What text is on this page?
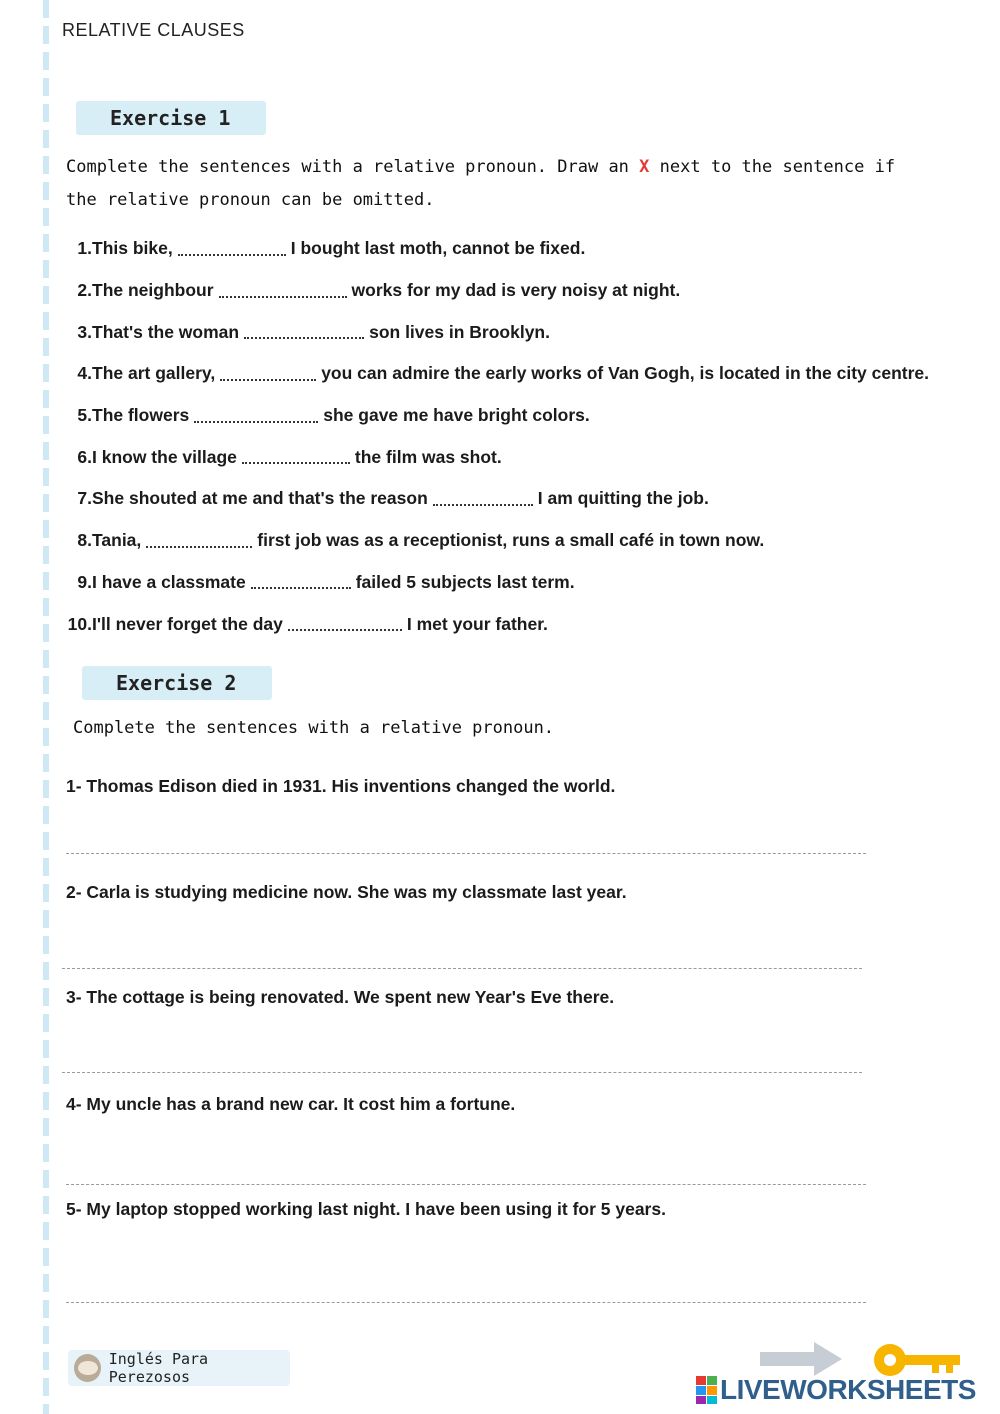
RELATIVE CLAUSES
Exercise 1
Complete the sentences with a relative pronoun. Draw an X next to the sentence if
the relative pronoun can be omitted.
1. This bike,	I bought last moth, cannot be fixed.
2. The neighbour	works for my dad is very noisy at night.
3. That's the woman	son lives in Brooklyn.
4. The art gallery,	you can admire the early works of Van Gogh, is located in the city centre.
5. The flowers	she gave me have bright colors.
6. I know the village	the film was shot.
7. She shouted at me and that's the reason	I am quitting the job.
8. Tania,	first job was as a receptionist, runs a small café in town now.
9. I have a classmate	failed 5 subjects last term.
10. I'll never forget the day	I met your father.
Exercise 2
Complete the sentences with a relative pronoun.
1- Thomas Edison died in 1931. His inventions changed the world.
2- Carla is studying medicine now. She was my classmate last year.
3- The cottage is being renovated. We spent new Year's Eve there.
4- My uncle has a brand new car. It cost him a fortune.
5- My laptop stopped working last night. I have been using it for 5 years.
Inglés Para Perezosos	LIVEWORKSHEETS
